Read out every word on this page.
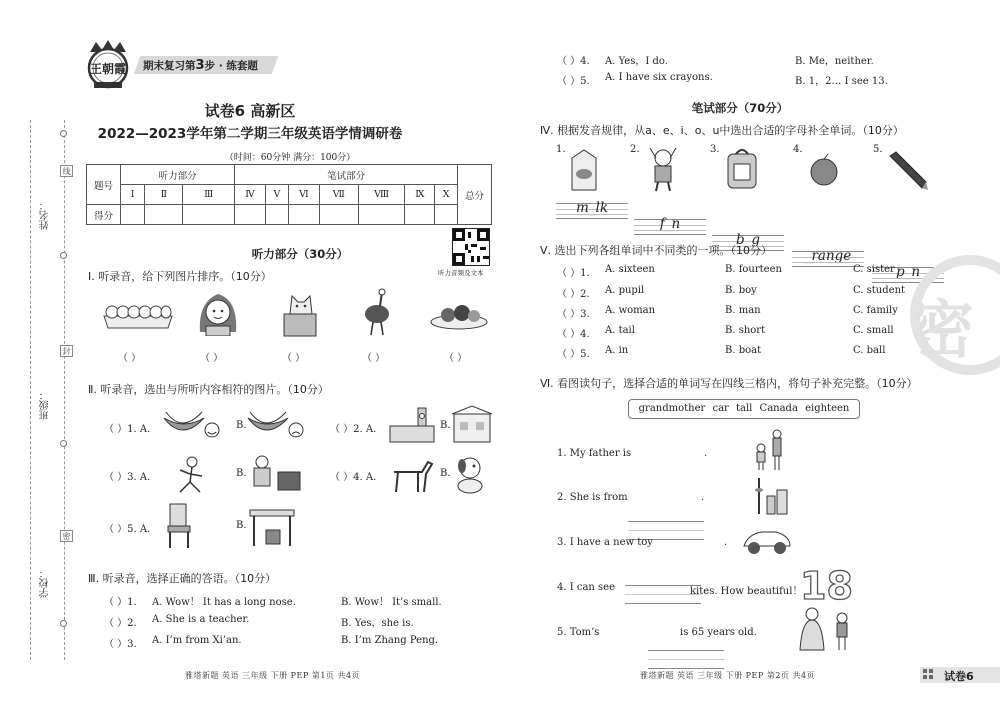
线
封
密
姓名：
班级：
学校：
王朝霞 期末复习第3步 · 练套题
试卷6 高新区
2022—2023学年第二学期三年级英语学情调研卷
（时间：60分钟 满分：100分）
题号	听力部分			笔试部分							总分
	Ⅰ	Ⅱ	Ⅲ	Ⅳ	Ⅴ	Ⅵ	Ⅶ	Ⅷ	Ⅸ	Ⅹ	
得分											
听力音频及文本
听力部分（30分）
Ⅰ. 听录音，给下列图片排序。（10分）
（ ）	（ ）	（ ）	（ ）	（ ）
Ⅱ. 听录音，选出与所听内容相符的图片。（10分）
（ ）1. A.	B.	（ ）2. A.	B.
（ ）3. A.	B.	（ ）4. A.	B.
（ ）5. A.	B.
Ⅲ. 听录音，选择正确的答语。（10分）
（ ）1. A. Wow！ It has a long nose.	B. Wow！ It’s small.
（ ）2. A. She is a teacher.	B. Yes，she is.
（ ）3. A. I’m from Xi’an.	B. I’m Zhang Peng.
雅塔新题 英语 三年级 下册 PEP 第1页 共4页
（ ）4. A. Yes，I do.	B. Me，neither.
（ ）5. A. I have six crayons.	B. 1，2… I see 13.
笔试部分（70分）
Ⅳ. 根据发音规律，从a、e、i、o、u中选出合适的字母补全单词。（10分）
1.	2.	3.	4.	5.
m_lk
f_n
b_g
_range
p_n
Ⅴ. 选出下列各组单词中不同类的一项。（10分）
（ ）1. A. sixteen	B. fourteen	C. sister
（ ）2. A. pupil	B. boy	C. student
（ ）3. A. woman	B. man	C. family
（ ）4. A. tail	B. short	C. small
（ ）5. A. in	B. boat	C. ball 密
Ⅵ. 看图读句子，选择合适的单词写在四线三格内，将句子补充完整。（10分）
grandmother car tall Canada eighteen
1. My father is	.
2. She is from	.
3. I have a new toy	.
4. I can see	kites. How beautiful！
18
5. Tom’s	is 65 years old.
雅塔新题 英语 三年级 下册 PEP 第2页 共4页	试卷6
